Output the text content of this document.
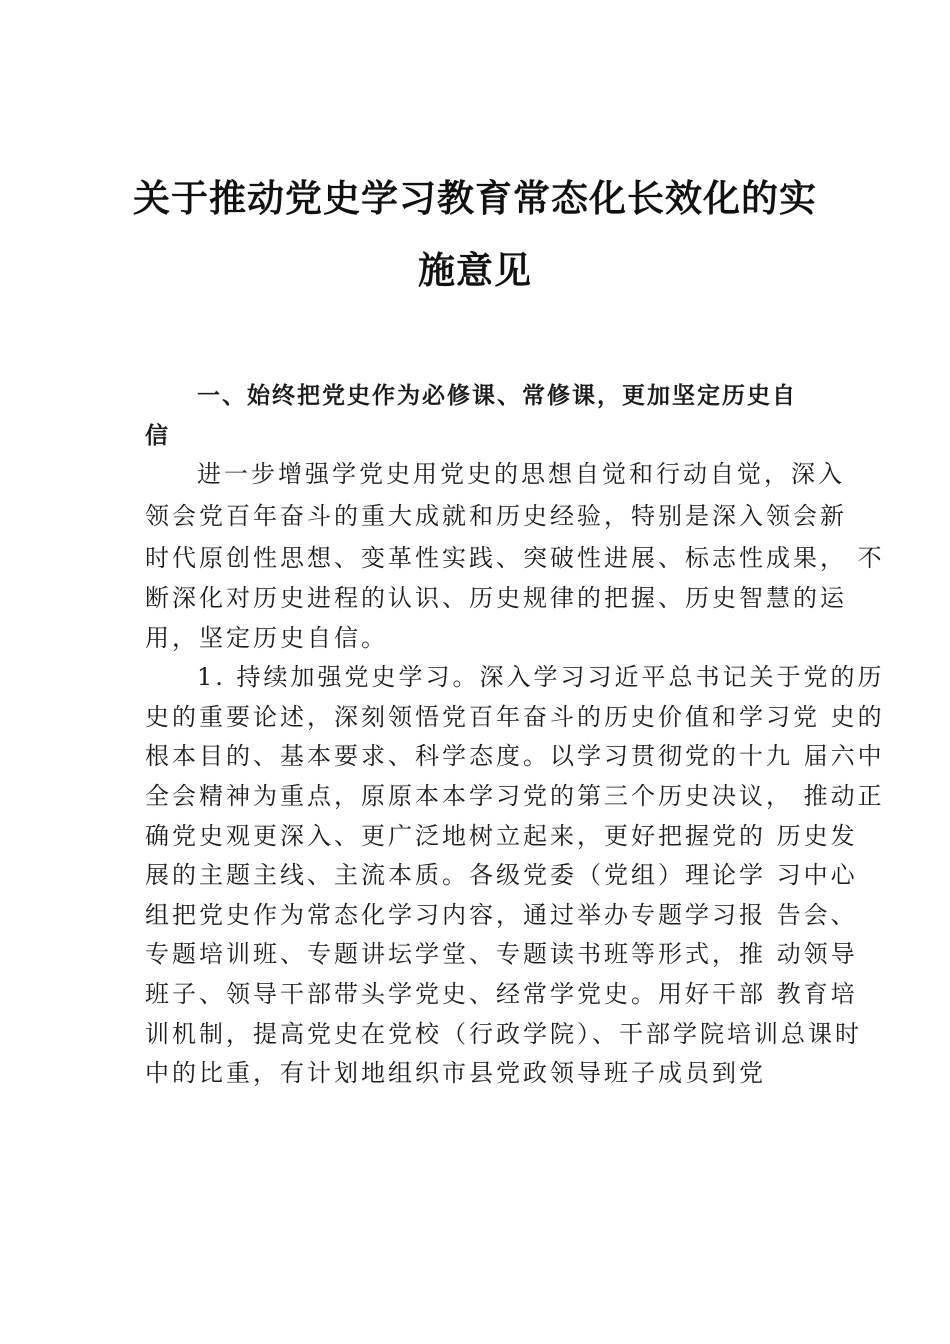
关于推动党史学习教育常态化长效化的实
施意见
一、始终把党史作为必修课、常修课，更加坚定历史自
信
进一步增强学党史用党史的思想自觉和行动自觉，深入
领会党百年奋斗的重大成就和历史经验，特别是深入领会新
时代原创性思想、变革性实践、突破性进展、标志性成果， 不
断深化对历史进程的认识、历史规律的把握、历史智慧的运
用，坚定历史自信。
1. 持续加强党史学习。深入学习习近平总书记关于党的历
史的重要论述，深刻领悟党百年奋斗的历史价值和学习党 史的
根本目的、基本要求、科学态度。以学习贯彻党的十九 届六中
全会精神为重点，原原本本学习党的第三个历史决议， 推动正
确党史观更深入、更广泛地树立起来，更好把握党的 历史发
展的主题主线、主流本质。各级党委（党组）理论学 习中心
组把党史作为常态化学习内容，通过举办专题学习报 告会、
专题培训班、专题讲坛学堂、专题读书班等形式，推 动领导
班子、领导干部带头学党史、经常学党史。用好干部 教育培
训机制，提高党史在党校（行政学院）、干部学院培训总课时
中的比重，有计划地组织市县党政领导班子成员到党
